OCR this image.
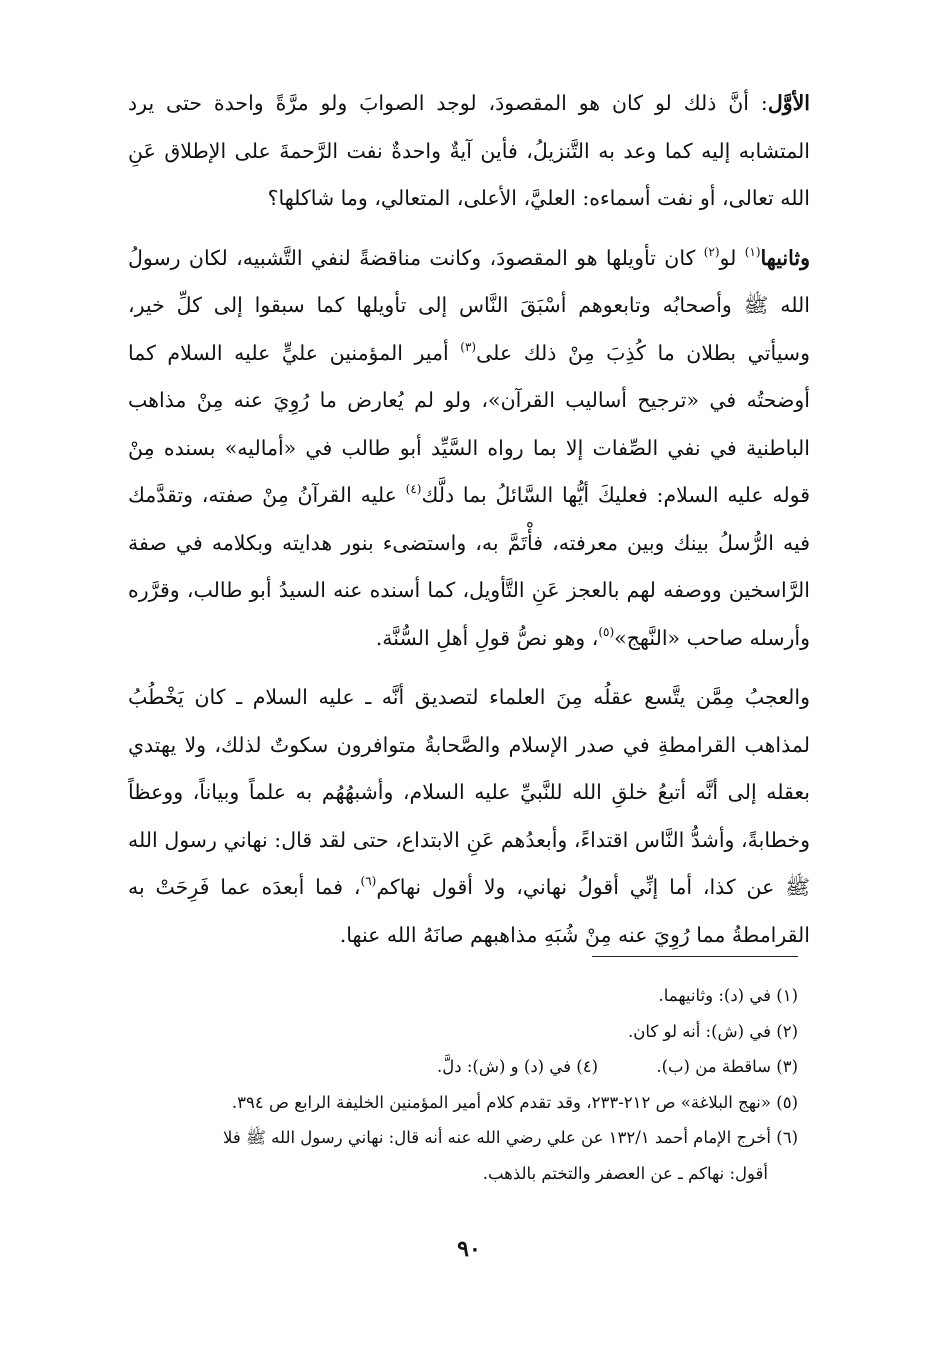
الأوَّل: أنَّ ذلك لو كان هو المقصودَ، لوجد الصوابَ ولو مرَّةً واحدة حتى يرد المتشابه إليه كما وعد به التَّنزيلُ، فأين آيةٌ واحدةٌ نفت الرَّحمةَ على الإطلاق عَنِ الله تعالى، أو نفت أسماءه: العليَّ، الأعلى، المتعالي، وما شاكلها؟

وثانيها$^{(١)}$ لو$^{(٢)}$ كان تأويلها هو المقصودَ، وكانت مناقضةً لنفي التَّشبيه، لكان رسولُ الله ﷺ وأصحابُه وتابعوهم أسْبَقَ النَّاس إلى تأويلها كما سبقوا إلى كلِّ خير، وسيأتي بطلان ما كُذِبَ مِنْ ذلك على$^{(٣)}$ أمير المؤمنين عليٍّ عليه السلام كما أوضحتُه في «ترجيح أساليب القرآن»، ولو لم يُعارض ما رُوِيَ عنه مِنْ مذاهب الباطنية في نفي الصِّفات إلا بما رواه السَّيِّد أبو طالب في «أماليه» بسنده مِنْ قوله عليه السلام: فعليكَ أيُّها السَّائلُ بما دلَّك$^{(٤)}$ عليه القرآنُ مِنْ صفته، وتقدَّمك فيه الرُّسلُ بينك وبين معرفته، فأْتَمَّ به، واستضىء بنور هدايته وبكلامه في صفة الرَّاسخين ووصفه لهم بالعجز عَنِ التَّأويل، كما أسنده عنه السيدُ أبو طالب، وقرَّره وأرسله صاحب «النَّهج»$^{(٥)}$، وهو نصُّ قولِ أهلِ السُّنَّة.

والعجبُ مِمَّن يتَّسع عقلُه مِنَ العلماء لتصديق أنَّه ـ عليه السلام ـ كان يَخْطُبُ لمذاهب القرامطةِ في صدر الإسلام والصَّحابةُ متوافرون سكوتٌ لذلك، ولا يهتدي بعقله إلى أنَّه أتبعُ خلقِ الله للنَّبيِّ عليه السلام، وأشبهُهُم به علماً وبياناً، ووعظاً وخطابةً، وأشدُّ النَّاس اقتداءً، وأبعدُهم عَنِ الابتداع، حتى لقد قال: نهاني رسول الله ﷺ عن كذا، أما إنِّي أقولُ نهاني، ولا أقول نهاكم$^{(٦)}$، فما أبعدَه عما فَرِحَتْ به القرامطةُ مما رُوِيَ عنه مِنْ شُبَهِ مذاهبهم صانَهُ الله عنها.

(١) في (د): وثانيهما.

(٢) في (ش): أنه لو كان.

(٣) ساقطة من (ب).

(٤) في (د) و (ش): دلَّ.

(٥) «نهج البلاغة» ص ٢١٢-٢٣٣، وقد تقدم كلام أمير المؤمنين الخليفة الرابع ص ٣٩٤.

(٦) أخرج الإمام أحمد ١٣٢/١ عن علي رضي الله عنه أنه قال: نهاني رسول الله ﷺ فلا

أقول: نهاكم ـ عن العصفر والتختم بالذهب.

٩٠
